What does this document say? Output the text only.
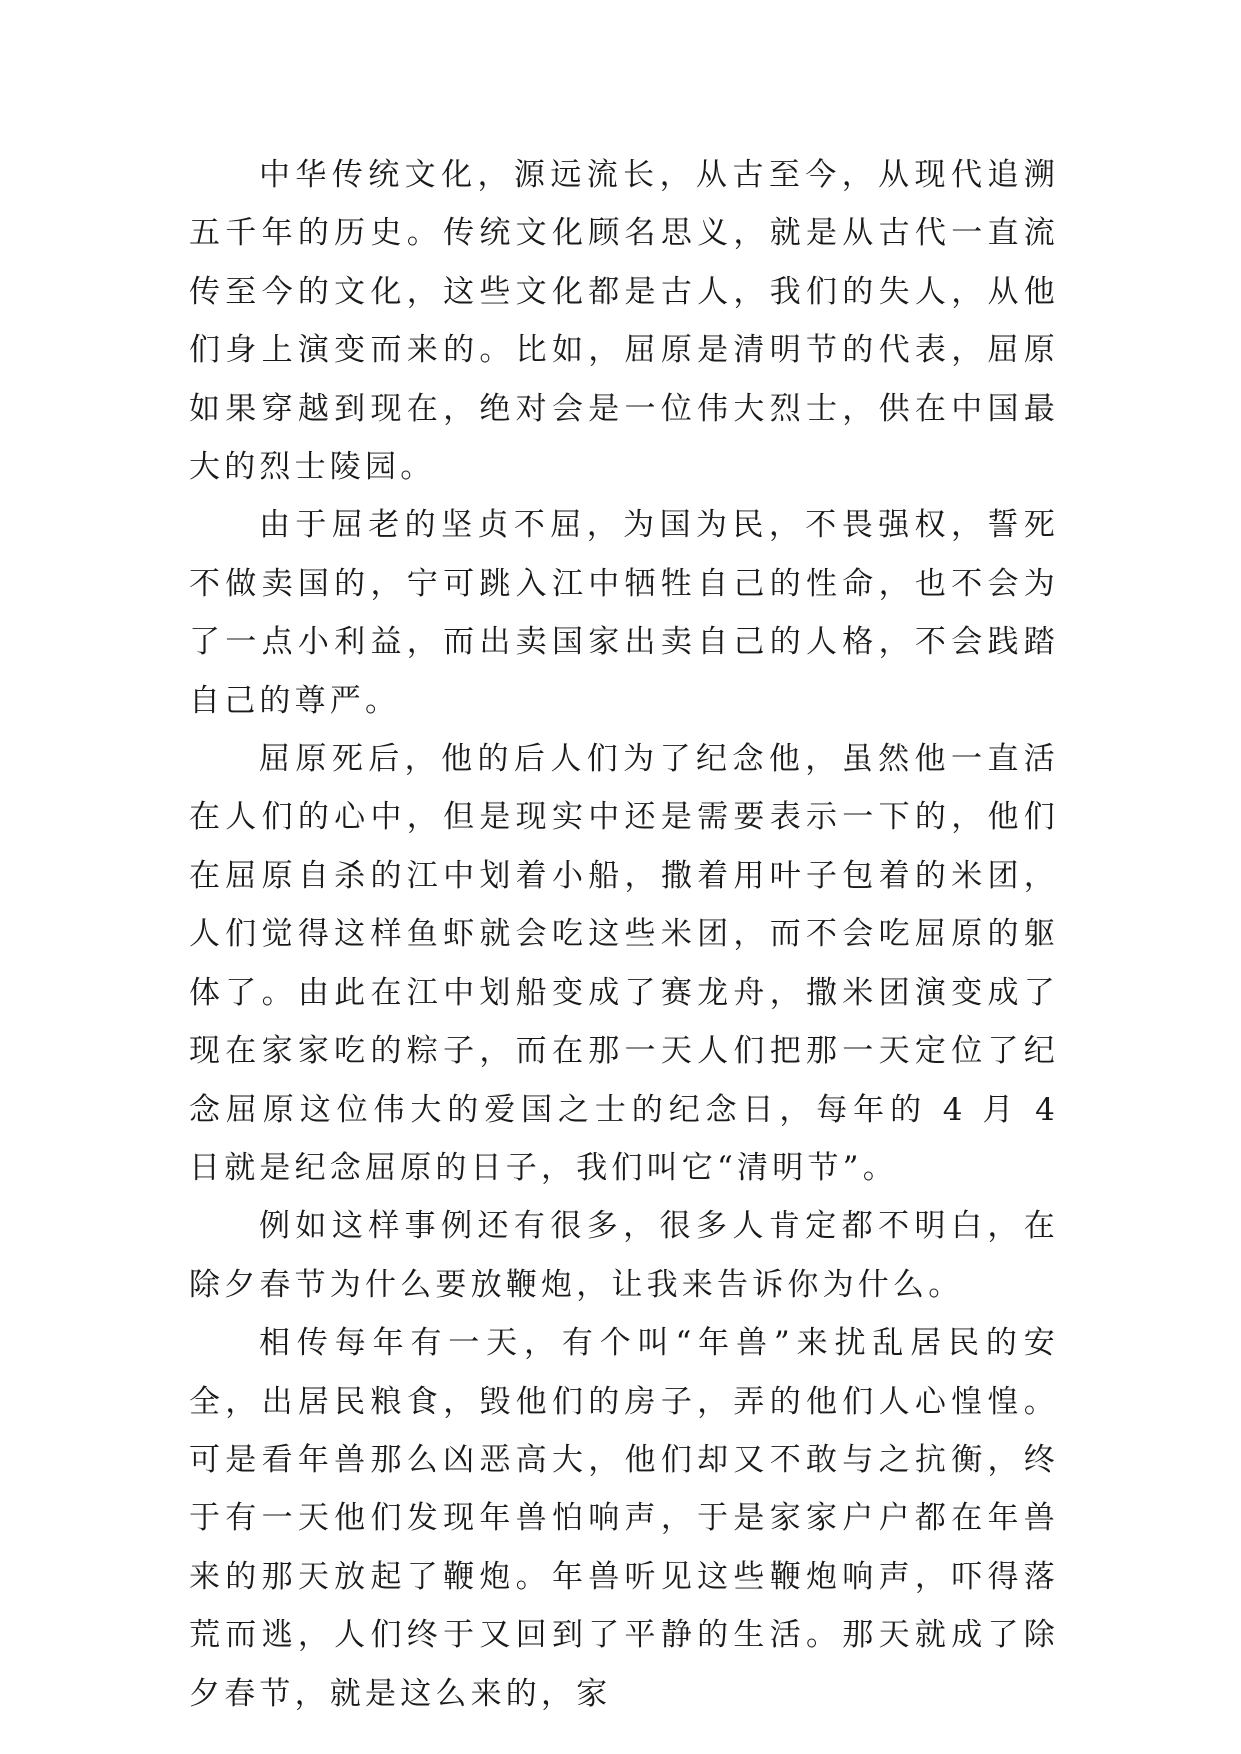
中华传统文化，源远流长，从古至今，从现代追溯五千年的历史。传统文化顾名思义，就是从古代一直流传至今的文化，这些文化都是古人，我们的失人，从他们身上演变而来的。比如，屈原是清明节的代表，屈原如果穿越到现在，绝对会是一位伟大烈士，供在中国最大的烈士陵园。

由于屈老的坚贞不屈，为国为民，不畏强权，誓死不做卖国的，宁可跳入江中牺牲自己的性命，也不会为了一点小利益，而出卖国家出卖自己的人格，不会践踏自己的尊严。

屈原死后，他的后人们为了纪念他，虽然他一直活在人们的心中，但是现实中还是需要表示一下的，他们在屈原自杀的江中划着小船，撒着用叶子包着的米团，人们觉得这样鱼虾就会吃这些米团，而不会吃屈原的躯体了。由此在江中划船变成了赛龙舟，撒米团演变成了现在家家吃的粽子，而在那一天人们把那一天定位了纪念屈原这位伟大的爱国之士的纪念日，每年的 4 月 4 日就是纪念屈原的日子，我们叫它“清明节”。

例如这样事例还有很多，很多人肯定都不明白，在除夕春节为什么要放鞭炮，让我来告诉你为什么。

相传每年有一天，有个叫“年兽”来扰乱居民的安全，出居民粮食，毁他们的房子，弄的他们人心惶惶。可是看年兽那么凶恶高大，他们却又不敢与之抗衡，终于有一天他们发现年兽怕响声，于是家家户户都在年兽来的那天放起了鞭炮。年兽听见这些鞭炮响声，吓得落荒而逃，人们终于又回到了平静的生活。那天就成了除夕春节，就是这么来的，家
